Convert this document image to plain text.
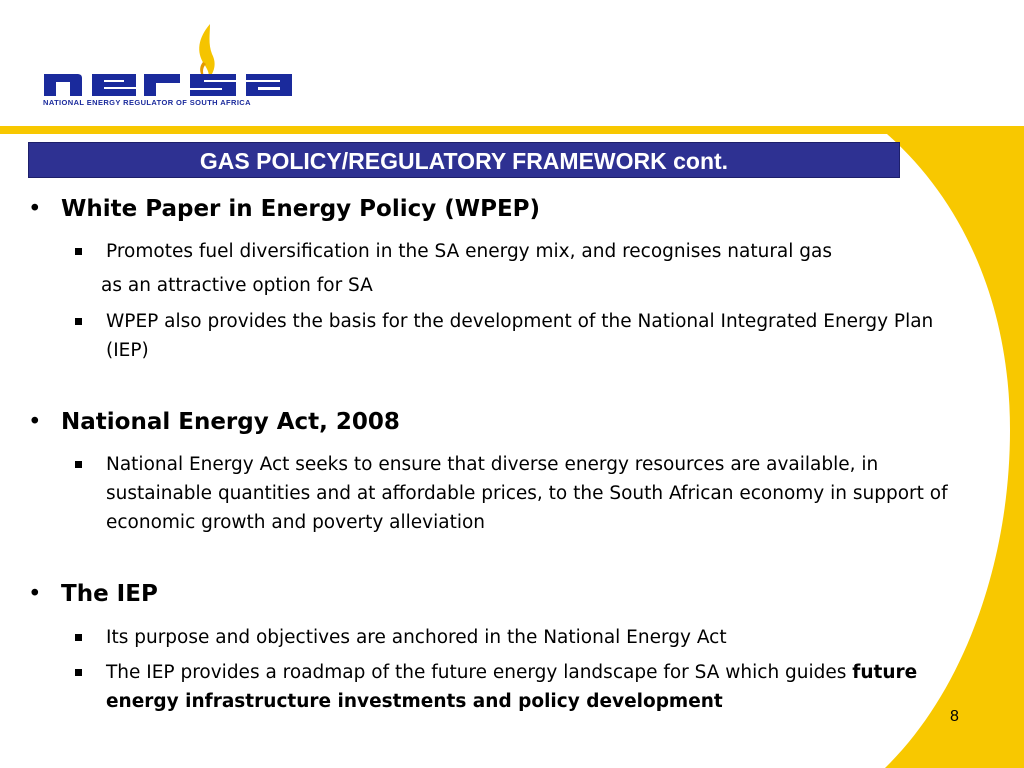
NATIONAL ENERGY REGULATOR OF SOUTH AFRICA
GAS POLICY/REGULATORY FRAMEWORK cont.
• White Paper in Energy Policy (WPEP)
Promotes fuel diversification in the SA energy mix, and recognises natural gas
as an attractive option for SA
WPEP also provides the basis for the development of the National Integrated Energy Plan (IEP)
• National Energy Act, 2008
National Energy Act seeks to ensure that diverse energy resources are available, in sustainable quantities and at affordable prices, to the South African economy in support of economic growth and poverty alleviation
• The IEP
Its purpose and objectives are anchored in the National Energy Act
The IEP provides a roadmap of the future energy landscape for SA which guides future energy infrastructure investments and policy development
8
